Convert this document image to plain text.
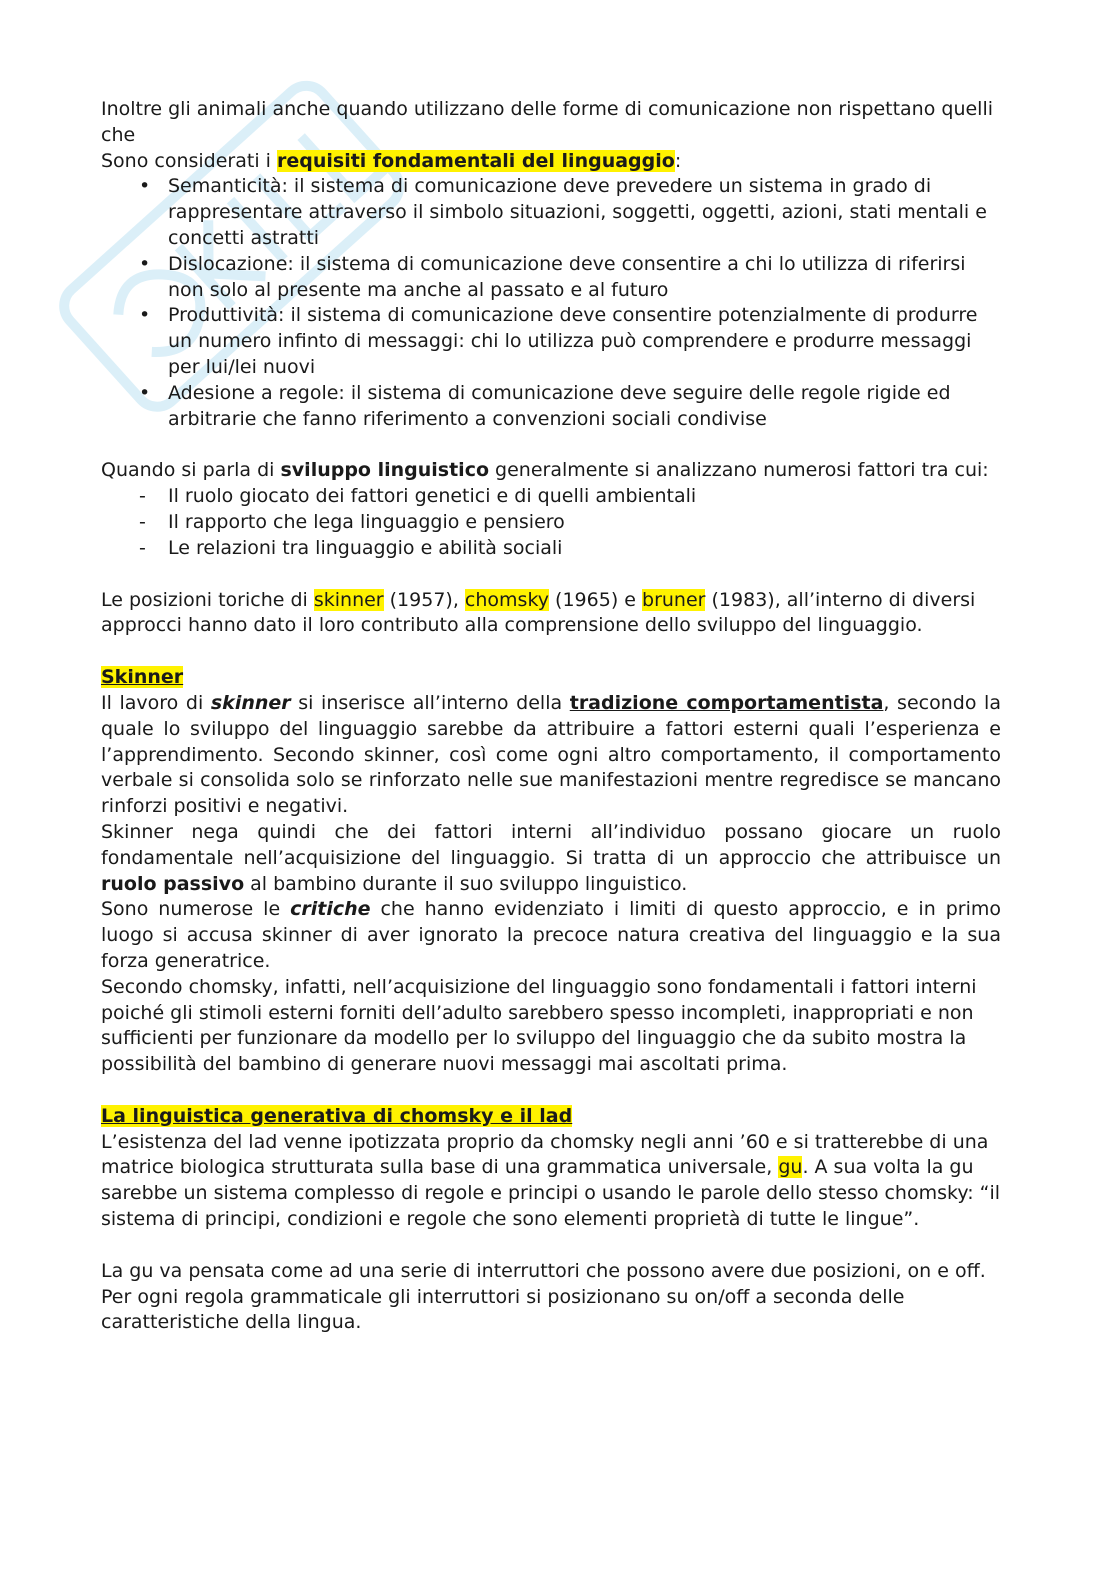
Inoltre gli animali anche quando utilizzano delle forme di comunicazione non rispettano quelli che

Sono considerati i requisiti fondamentali del linguaggio:

• Semanticità: il sistema di comunicazione deve prevedere un sistema in grado di rappresentare attraverso il simbolo situazioni, soggetti, oggetti, azioni, stati mentali e concetti astratti
• Dislocazione: il sistema di comunicazione deve consentire a chi lo utilizza di riferirsi non solo al presente ma anche al passato e al futuro
• Produttività: il sistema di comunicazione deve consentire potenzialmente di produrre un numero infinto di messaggi: chi lo utilizza può comprendere e produrre messaggi per lui/lei nuovi
• Adesione a regole: il sistema di comunicazione deve seguire delle regole rigide ed arbitrarie che fanno riferimento a convenzioni sociali condivise

Quando si parla di sviluppo linguistico generalmente si analizzano numerosi fattori tra cui:

- Il ruolo giocato dei fattori genetici e di quelli ambientali
- Il rapporto che lega linguaggio e pensiero
- Le relazioni tra linguaggio e abilità sociali

Le posizioni toriche di skinner (1957), chomsky (1965) e bruner (1983), all’interno di diversi approcci hanno dato il loro contributo alla comprensione dello sviluppo del linguaggio.

Skinner

Il lavoro di skinner si inserisce all’interno della tradizione comportamentista, secondo la quale lo sviluppo del linguaggio sarebbe da attribuire a fattori esterni quali l’esperienza e l’apprendimento. Secondo skinner, così come ogni altro comportamento, il comportamento verbale si consolida solo se rinforzato nelle sue manifestazioni mentre regredisce se mancano rinforzi positivi e negativi.

Skinner nega quindi che dei fattori interni all’individuo possano giocare un ruolo fondamentale nell’acquisizione del linguaggio. Si tratta di un approccio che attribuisce un ruolo passivo al bambino durante il suo sviluppo linguistico.

Sono numerose le critiche che hanno evidenziato i limiti di questo approccio, e in primo luogo si accusa skinner di aver ignorato la precoce natura creativa del linguaggio e la sua forza generatrice.

Secondo chomsky, infatti, nell’acquisizione del linguaggio sono fondamentali i fattori interni poiché gli stimoli esterni forniti dell’adulto sarebbero spesso incompleti, inappropriati e non sufficienti per funzionare da modello per lo sviluppo del linguaggio che da subito mostra la possibilità del bambino di generare nuovi messaggi mai ascoltati prima.

La linguistica generativa di chomsky e il lad

L’esistenza del lad venne ipotizzata proprio da chomsky negli anni ’60 e si tratterebbe di una matrice biologica strutturata sulla base di una grammatica universale, gu. A sua volta la gu sarebbe un sistema complesso di regole e principi o usando le parole dello stesso chomsky: “il sistema di principi, condizioni e regole che sono elementi proprietà di tutte le lingue”.

La gu va pensata come ad una serie di interruttori che possono avere due posizioni, on e off. Per ogni regola grammaticale gli interruttori si posizionano su on/off a seconda delle caratteristiche della lingua.
